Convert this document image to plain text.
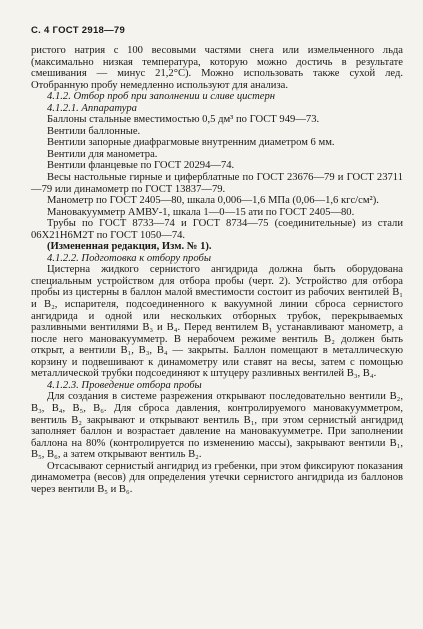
С. 4 ГОСТ 2918—79

ристого натрия с 100 весовыми частями снега или измельченного льда (максимально низкая температура, которую можно достичь в результате смешивания — минус 21,2°С). Можно использовать также сухой лед. Отобранную пробу немедленно используют для анализа.

4.1.2. Отбор проб при заполнении и сливе цистерн

4.1.2.1. Аппаратура

Баллоны стальные вместимостью 0,5 дм³ по ГОСТ 949—73.

Вентили баллонные.

Вентили запорные диафрагмовые внутренним диаметром 6 мм.

Вентили для манометра.

Вентили фланцевые по ГОСТ 20294—74.

Весы настольные гирные и циферблатные по ГОСТ 23676—79 и ГОСТ 23711—79 или динамометр по ГОСТ 13837—79.

Манометр по ГОСТ 2405—80, шкала 0,006—1,6 МПа (0,06—1,6 кгс/см²).

Мановакуумметр АМВУ-1, шкала 1—0—15 ати по ГОСТ 2405—80.

Трубы по ГОСТ 8733—74 и ГОСТ 8734—75 (соединительные) из стали 06Х21Н6М2Т по ГОСТ 1050—74.

(Измененная редакция, Изм. № 1).

4.1.2.2. Подготовка к отбору пробы

Цистерна жидкого сернистого ангидрида должна быть оборудована специальным устройством для отбора пробы (черт. 2). Устройство для отбора пробы из цистерны в баллон малой вместимости состоит из рабочих вентилей В₁ и В₂, испарителя, подсоединенного к вакуумной линии сброса сернистого ангидрида и одной или нескольких отборных трубок, перекрываемых разливными вентилями В₃ и В₄. Перед вентилем В₁ устанавливают манометр, а после него мановакуумметр. В нерабочем режиме вентиль В₂ должен быть открыт, а вентили В₁, В₃, В₄ — закрыты. Баллон помещают в металлическую корзину и подвешивают к динамометру или ставят на весы, затем с помощью металлической трубки подсоединяют к штуцеру разливных вентилей В₃, В₄.

4.1.2.3. Проведение отбора пробы

Для создания в системе разрежения открывают последовательно вентили В₂, В₃, В₄, В₅, В₆. Для сброса давления, контролируемого мановакуумметром, вентиль В₂ закрывают и открывают вентиль В₁, при этом сернистый ангидрид заполняет баллон и возрастает давление на мановакуумметре. При заполнении баллона на 80% (контролируется по изменению массы), закрывают вентили В₁, В₅, В₆, а затем открывают вентиль В₂.

Отсасывают сернистый ангидрид из гребенки, при этом фиксируют показания динамометра (весов) для определения утечки сернистого ангидрида из баллонов через вентили В₅ и В₆.
